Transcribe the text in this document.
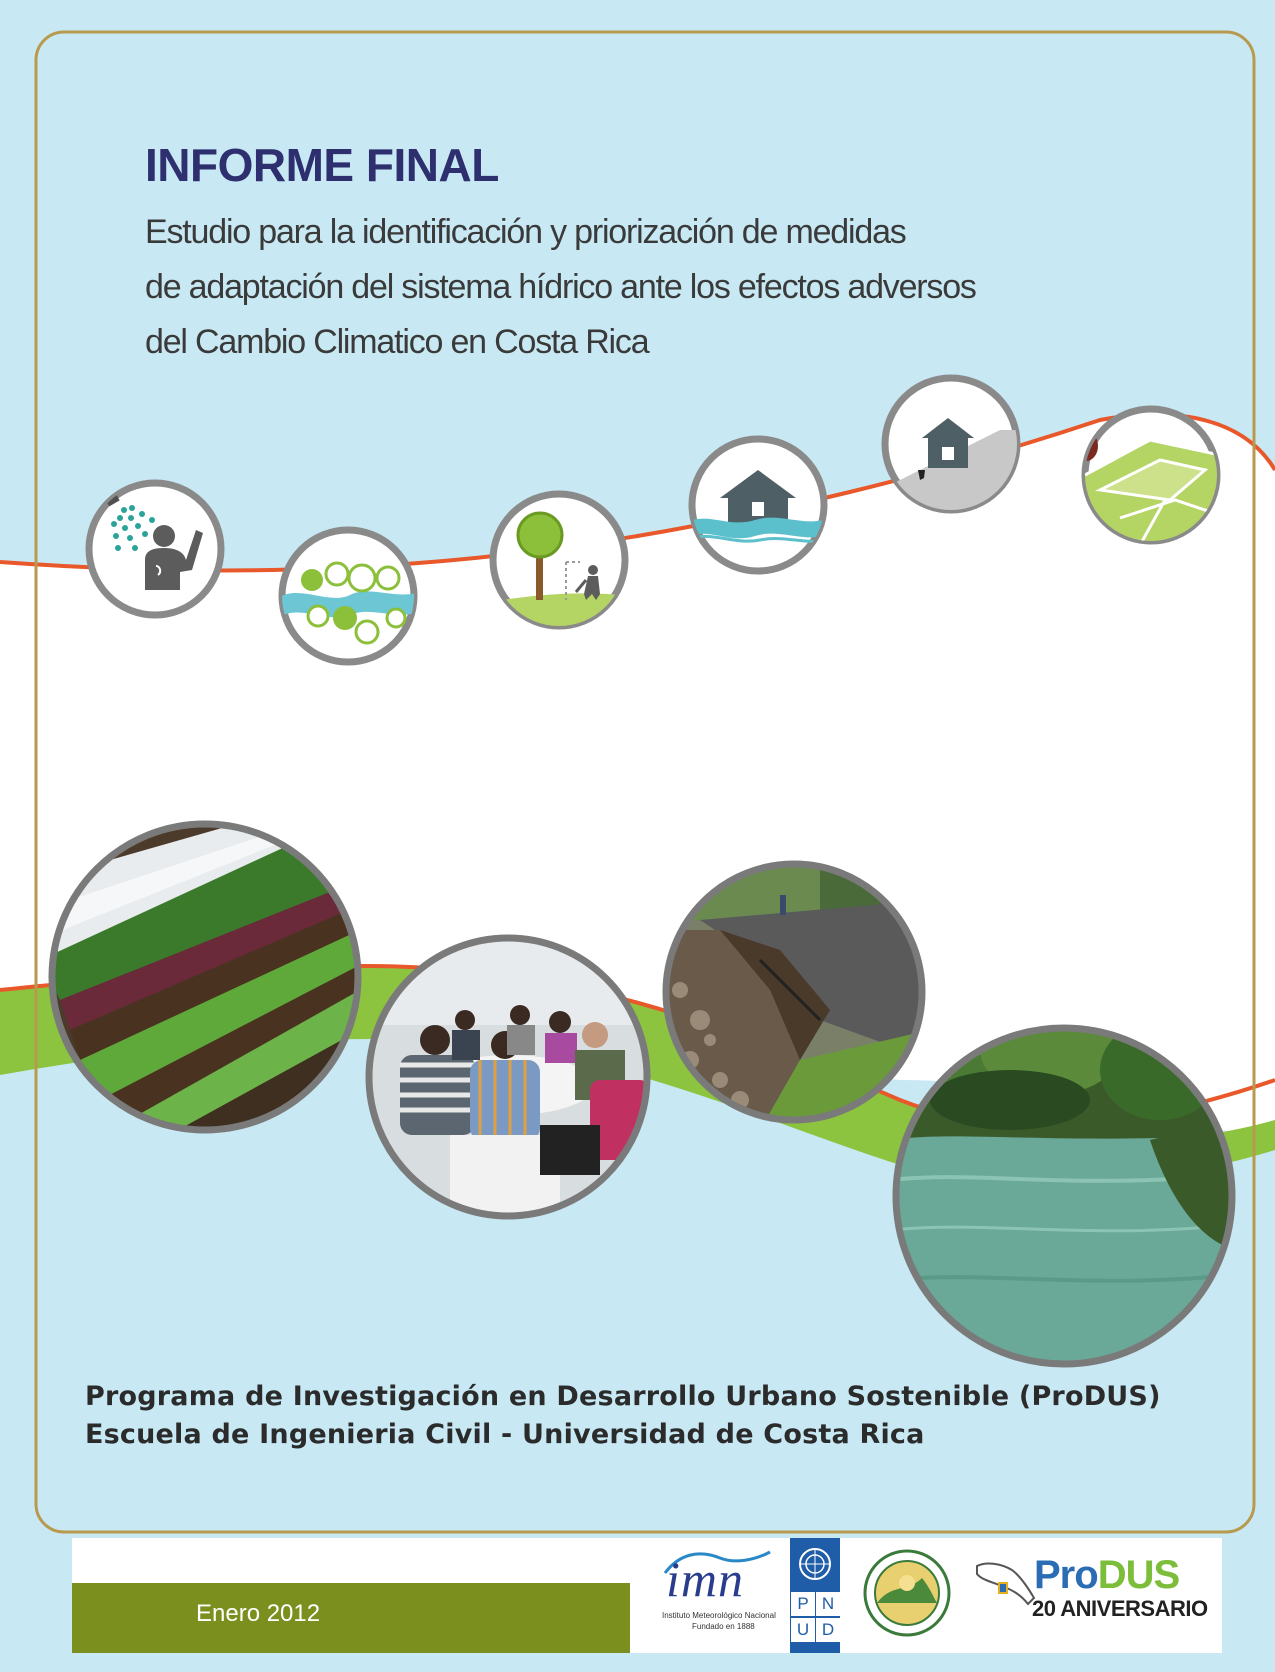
INFORME FINAL
Estudio para la identificación y priorización de medidas
de adaptación del sistema hídrico ante los efectos adversos
del Cambio Climatico en Costa Rica
Programa de Investigación en Desarrollo Urbano Sostenible (ProDUS)
Escuela de Ingenieria Civil - Universidad de Costa Rica
Enero 2012
imn
Instituto Meteorológico Nacional
Fundado en 1888
P N
U D
ProDUS
20 ANIVERSARIO
